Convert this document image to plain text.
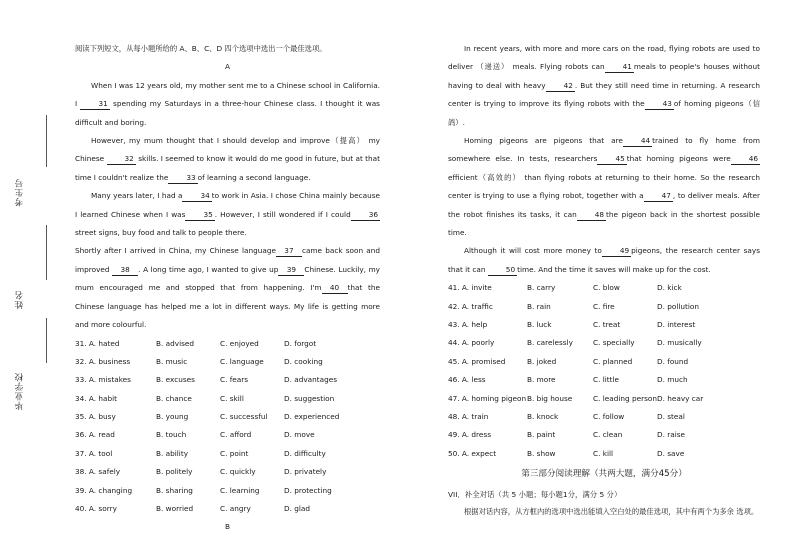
考生号
姓名
毕业学校

阅读下列短文，从每小题所给的 A、B、C、D 四个选项中选出一个最佳选项。

A

When I was 12 years old, my mother sent me to a Chinese school in California. I	31 spending my Saturdays in a three-hour Chinese class. I thought it was difficult and boring.

However, my mum thought that I should develop and improve（提高） my Chinese	32 skills. I seemed to know it would do me good in future, but at that time I couldn't realize the 33 of learning a second language.

Many years later, I had a 34 to work in Asia. I chose China mainly because I learned Chinese when I was 35 . However, I still wondered if I could 36street signs, buy food and talk to people there.

Shortly after I arrived in China, my Chinese language 37 came back soon and improved 38 . A long time ago, I wanted to give up 39 Chinese. Luckily, my mum encouraged me and stopped that from happening. I'm 40 that the Chinese language has helped me a lot in different ways. My life is getting more and more colourful.

31. A. hated	B. advised	C. enjoyed	D. forgot
32. A. business	B. music	C. language	D. cooking
33. A. mistakes	B. excuses	C. fears	D. advantages
34. A. habit	B. chance	C. skill	D. suggestion
35. A. busy	B. young	C. successful	D. experienced
36. A. read	B. touch	C. afford	D. move
37. A. tool	B. ability	C. point	D. difficulty
38. A. safely	B. politely	C. quickly	D. privately
39. A. changing	B. sharing	C. learning	D. protecting
40. A. sorry	B. worried	C. angry	D. glad

B

In recent years, with more and more cars on the road, flying robots are used to deliver （递送） meals. Flying robots can 41 meals to people's houses without having to deal with heavy 42 . But they still need time in returning. A research center is trying to improve its flying robots with the 43 of homing pigeons（信鸽）.

Homing pigeons are pigeons that are 44 trained to fly home from somewhere else. In tests, researchers 45 that homing pigeons were 46efficient（高效的） than flying robots at returning to their home. So the research center is trying to use a flying robot, together with a 47 , to deliver meals. After the robot finishes its tasks, it can 48 the pigeon back in the shortest possible time.

Although it will cost more money to 49 pigeons, the research center says that it can	50 time. And the time it saves will make up for the cost.

41. A. invite	B. carry	C. blow	D. kick
42. A. traffic	B. rain	C. fire	D. pollution
43. A. help	B. luck	C. treat	D. interest
44. A. poorly	B. carelessly	C. specially	D. musically
45. A. promised	B. joked	C. planned	D. found
46. A. less	B. more	C. little	D. much
47. A. homing pigeon B. big house	C. leading person D. heavy car
48. A. train	B. knock	C. follow	D. steal
49. A. dress	B. paint	C. clean	D. raise
50. A. expect	B. show	C. kill	D. save
第三部分阅读理解（共两大题，满分45分）

VII．补全对话（共 5 小题；每小题1分，满分 5 分）

根据对话内容，从方框内的选项中选出能填入空白处的最佳选项，其中有两个为多余 选项。
